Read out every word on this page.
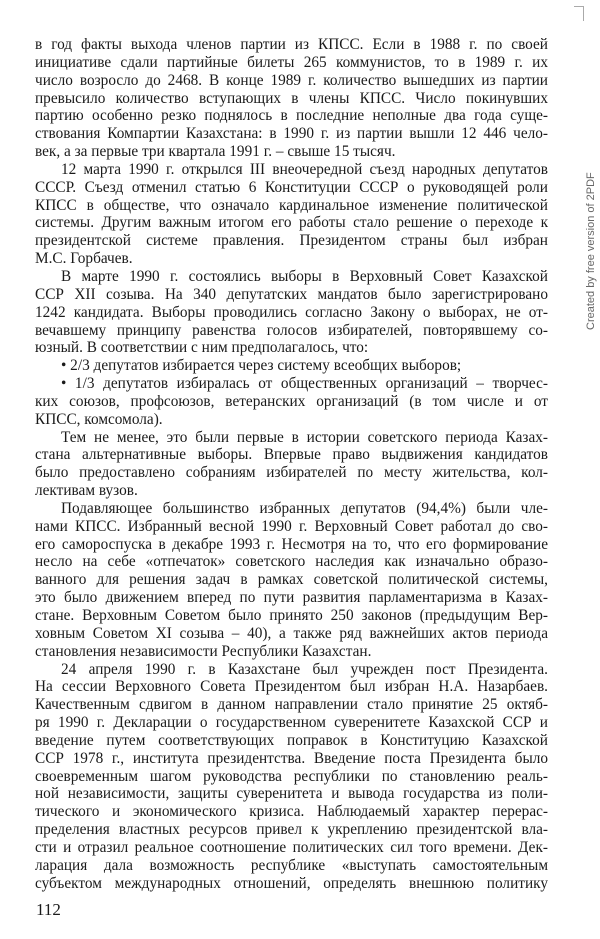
в год факты выхода членов партии из КПСС. Если в 1988 г. по своей
инициативе сдали партийные билеты 265 коммунистов, то в 1989 г. их
число возросло до 2468. В конце 1989 г. количество вышедших из партии
превысило количество вступающих в члены КПСС. Число покинувших
партию особенно резко поднялось в последние неполные два года суще-
ствования Компартии Казахстана: в 1990 г. из партии вышли 12 446 чело-
век, а за первые три квартала 1991 г. – свыше 15 тысяч.
12 марта 1990 г. открылся III внеочередной съезд народных депутатов
СССР. Съезд отменил статью 6 Конституции СССР о руководящей роли
КПСС в обществе, что означало кардинальное изменение политической
системы. Другим важным итогом его работы стало решение о переходе к
президентской системе правления. Президентом страны был избран
М.С. Горбачев.
В марте 1990 г. состоялись выборы в Верховный Совет Казахской
ССР XII созыва. На 340 депутатских мандатов было зарегистрировано
1242 кандидата. Выборы проводились согласно Закону о выборах, не от-
вечавшему принципу равенства голосов избирателей, повторявшему со-
юзный. В соответствии с ним предполагалось, что:
• 2/3 депутатов избирается через систему всеобщих выборов;
• 1/3 депутатов избиралась от общественных организаций – творчес-
ких союзов, профсоюзов, ветеранских организаций (в том числе и от
КПСС, комсомола).
Тем не менее, это были первые в истории советского периода Казах-
стана альтернативные выборы. Впервые право выдвижения кандидатов
было предоставлено собраниям избирателей по месту жительства, кол-
лективам вузов.
Подавляющее большинство избранных депутатов (94,4%) были чле-
нами КПСС. Избранный весной 1990 г. Верховный Совет работал до сво-
его самороспуска в декабре 1993 г. Несмотря на то, что его формирование
несло на себе «отпечаток» советского наследия как изначально образо-
ванного для решения задач в рамках советской политической системы,
это было движением вперед по пути развития парламентаризма в Казах-
стане. Верховным Советом было принято 250 законов (предыдущим Вер-
ховным Советом XI созыва – 40), а также ряд важнейших актов периода
становления независимости Республики Казахстан.
24 апреля 1990 г. в Казахстане был учрежден пост Президента.
На сессии Верховного Совета Президентом был избран Н.А. Назарбаев.
Качественным сдвигом в данном направлении стало принятие 25 октяб-
ря 1990 г. Декларации о государственном суверенитете Казахской ССР и
введение путем соответствующих поправок в Конституцию Казахской
ССР 1978 г., института президентства. Введение поста Президента было
своевременным шагом руководства республики по становлению реаль-
ной независимости, защиты суверенитета и вывода государства из поли-
тического и экономического кризиса. Наблюдаемый характер перерас-
пределения властных ресурсов привел к укреплению президентской вла-
сти и отразил реальное соотношение политических сил того времени. Дек-
ларация дала возможность республике «выступать самостоятельным
субъектом международных отношений, определять внешнюю политику
112
Created by free version of 2PDF
